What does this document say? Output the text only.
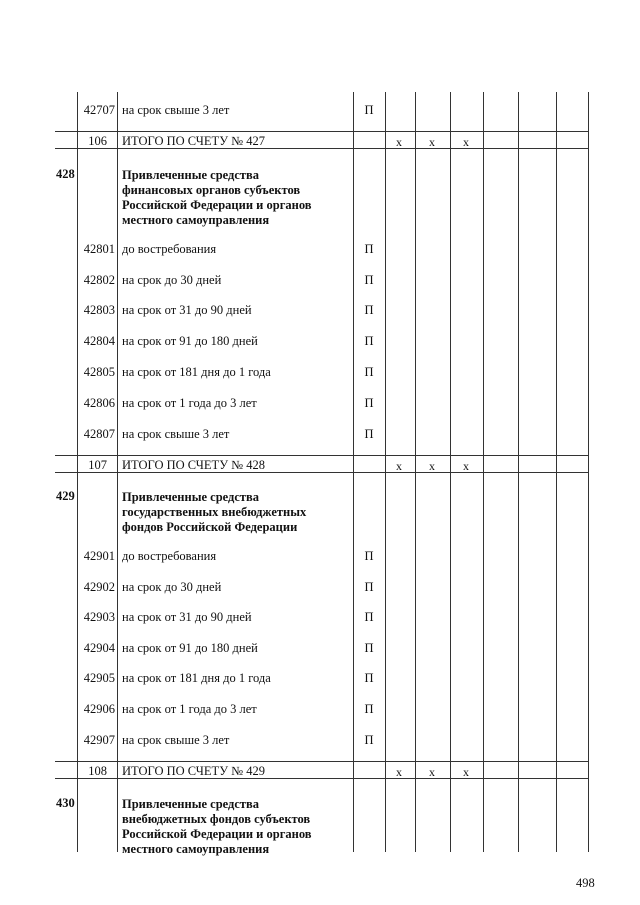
42707 на срок свыше 3 лет	П
106 ИТОГО ПО СЧЕТУ № 427	х	х	х
428	Привлеченные средства
финансовых органов субъектов
Российской Федерации и органов
местного самоуправления
42801 до востребования	П
42802 на срок до 30 дней	П
42803 на срок от 31 до 90 дней	П
42804 на срок от 91 до 180 дней	П
42805 на срок от 181 дня до 1 года	П
42806 на срок от 1 года до 3 лет	П
42807 на срок свыше 3 лет	П
107 ИТОГО ПО СЧЕТУ № 428	х	х	х
429	Привлеченные средства
государственных внебюджетных
фондов Российской Федерации
42901 до востребования	П
42902 на срок до 30 дней	П
42903 на срок от 31 до 90 дней	П
42904 на срок от 91 до 180 дней	П
42905 на срок от 181 дня до 1 года	П
42906 на срок от 1 года до 3 лет	П
42907 на срок свыше 3 лет	П
108 ИТОГО ПО СЧЕТУ № 429	х	х	х
430	Привлеченные средства
внебюджетных фондов субъектов
Российской Федерации и органов
местного самоуправления
498
